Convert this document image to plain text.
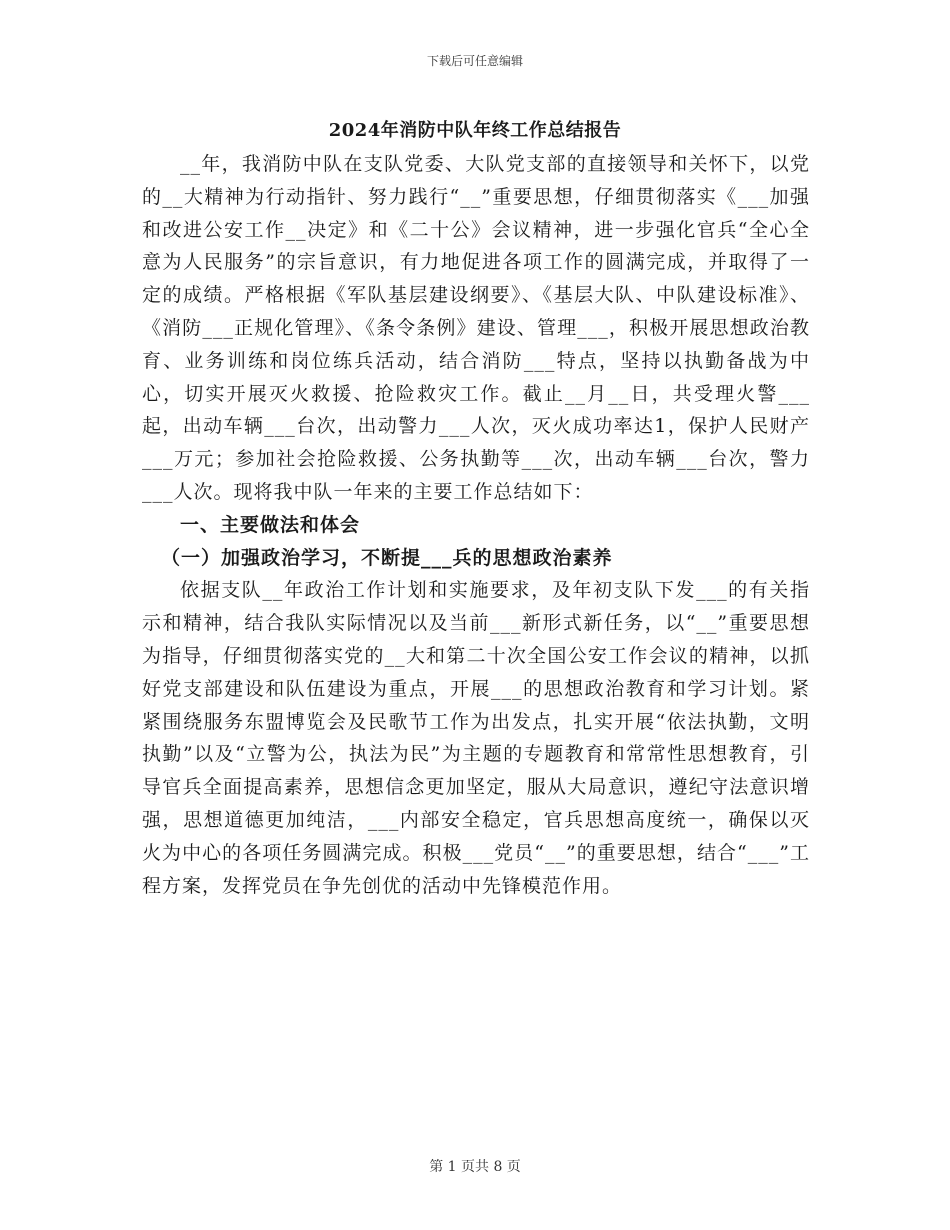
下载后可任意编辑
2024年消防中队年终工作总结报告

__年，我消防中队在支队党委、大队党支部的直接领导和关怀下，以党的__大精神为行动指针、努力践行“__”重要思想，仔细贯彻落实《___加强和改进公安工作__决定》和《二十公》会议精神，进一步强化官兵“全心全意为人民服务”的宗旨意识，有力地促进各项工作的圆满完成，并取得了一定的成绩。严格根据《军队基层建设纲要》、《基层大队、中队建设标准》、《消防___正规化管理》、《条令条例》建设、管理___，积极开展思想政治教育、业务训练和岗位练兵活动，结合消防___特点，坚持以执勤备战为中心，切实开展灭火救援、抢险救灾工作。截止__月__日，共受理火警___起，出动车辆___台次，出动警力___人次，灭火成功率达1，保护人民财产___万元；参加社会抢险救援、公务执勤等___次，出动车辆___台次，警力___人次。现将我中队一年来的主要工作总结如下：

一、主要做法和体会
（一）加强政治学习，不断提___兵的思想政治素养

依据支队__年政治工作计划和实施要求，及年初支队下发___的有关指示和精神，结合我队实际情况以及当前___新形式新任务，以“__”重要思想为指导，仔细贯彻落实党的__大和第二十次全国公安工作会议的精神，以抓好党支部建设和队伍建设为重点，开展___的思想政治教育和学习计划。紧紧围绕服务东盟博览会及民歌节工作为出发点，扎实开展“依法执勤，文明执勤”以及“立警为公，执法为民”为主题的专题教育和常常性思想教育，引导官兵全面提高素养，思想信念更加坚定，服从大局意识，遵纪守法意识增强，思想道德更加纯洁，___内部安全稳定，官兵思想高度统一，确保以灭火为中心的各项任务圆满完成。积极___党员“__”的重要思想，结合“___”工程方案，发挥党员在争先创优的活动中先锋模范作用。

第 1 页共 8 页
